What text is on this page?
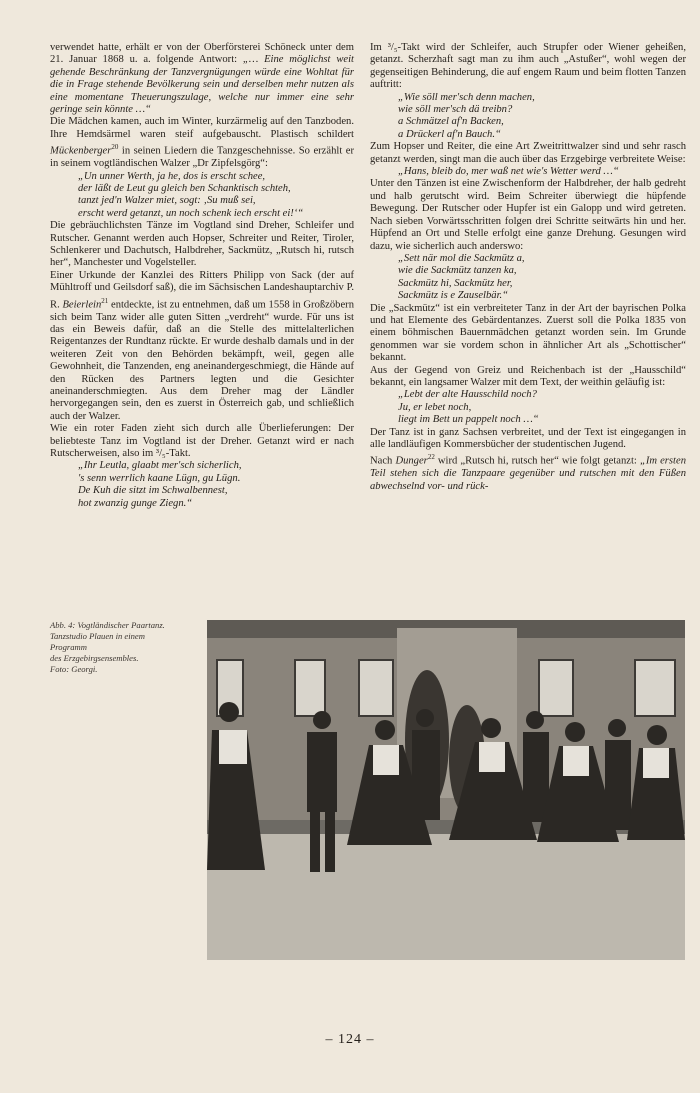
verwendet hatte, erhält er von der Oberförsterei Schöneck unter dem 21. Januar 1868 u. a. folgende Antwort: „… Eine möglichst weit gehende Beschränkung der Tanzvergnügungen würde eine Wohltat für die in Frage stehende Bevölkerung sein und derselben mehr nutzen als eine momentane Theuerungszulage, welche nur immer eine sehr geringe sein könnte …“

Die Mädchen kamen, auch im Winter, kurzärmelig auf den Tanzboden. Ihre Hemdsärmel waren steif aufgebauscht. Plastisch schildert Mückenberger$^{20}$ in seinen Liedern die Tanzgeschehnisse. So erzählt er in seinem vogtländischen Walzer „Dr Zipfelsgörg“:

„Un unner Werth, ja he, dos is erscht schee,
der läßt de Leut gu gleich ben Schanktisch schteh,
tanzt jed'n Walzer miet, sogt: ‚Su muß sei,
erscht werd getanzt, un noch schenk iech erscht ei!‘“

Die gebräuchlichsten Tänze im Vogtland sind Dreher, Schleifer und Rutscher. Genannt werden auch Hopser, Schreiter und Reiter, Tiroler, Schlenkerer und Dachutsch, Halbdreher, Sackmütz, „Rutsch hi, rutsch her“, Manchester und Vogelsteller.

Einer Urkunde der Kanzlei des Ritters Philipp von Sack (der auf Mühltroff und Geilsdorf saß), die im Sächsischen Landeshauptarchiv P. R. Beierlein$^{21}$ entdeckte, ist zu entnehmen, daß um 1558 in Großzöbern sich beim Tanz wider alle guten Sitten „verdreht“ wurde. Für uns ist das ein Beweis dafür, daß an die Stelle des mittelalterlichen Reigentanzes der Rundtanz rückte. Er wurde deshalb damals und in der weiteren Zeit von den Behörden bekämpft, weil, gegen alle Gewohnheit, die Tanzenden, eng aneinandergeschmiegt, die Hände auf den Rücken des Partners legten und die Gesichter aneinanderschmiegten. Aus dem Dreher mag der Ländler hervorgegangen sein, den es zuerst in Österreich gab, und schließlich auch der Walzer.

Wie ein roter Faden zieht sich durch alle Überlieferungen: Der beliebteste Tanz im Vogtland ist der Dreher. Getanzt wird er nach Rutscherweisen, also im ³/₅-Takt.

„Ihr Leutla, glaabt mer'sch sicherlich,
's senn werrlich kaane Lügn, gu Lügn.
De Kuh die sitzt im Schwalbennest,
hot zwanzig gunge Ziegn.“

Im ³/₅-Takt wird der Schleifer, auch Strupfer oder Wiener geheißen, getanzt. Scherzhaft sagt man zu ihm auch „Astußer“, wohl wegen der gegenseitigen Behinderung, die auf engem Raum und beim flotten Tanzen auftritt:

„Wie söll mer'sch denn machen,
wie söll mer'sch dä treibn?
a Schmätzel af'n Backen,
a Drückerl af'n Bauch.“

Zum Hopser und Reiter, die eine Art Zweitrittwalzer sind und sehr rasch getanzt werden, singt man die auch über das Erzgebirge verbreitete Weise:

„Hans, bleib do, mer waß net wie's Wetter werd …“

Unter den Tänzen ist eine Zwischenform der Halbdreher, der halb gedreht und halb gerutscht wird. Beim Schreiter überwiegt die hüpfende Bewegung. Der Rutscher oder Hupfer ist ein Galopp und wird getreten. Nach sieben Vorwärtsschritten folgen drei Schritte seitwärts hin und her. Hüpfend an Ort und Stelle erfolgt eine ganze Drehung. Gesungen wird dazu, wie sicherlich auch anderswo:

„Sett när mol die Sackmütz a,
wie die Sackmütz tanzen ka,
Sackmütz hi, Sackmütz her,
Sackmütz is e Zauselbär.“

Die „Sackmütz“ ist ein verbreiteter Tanz in der Art der bayrischen Polka und hat Elemente des Gebärdentanzes. Zuerst soll die Polka 1835 von einem böhmischen Bauernmädchen getanzt worden sein. Im Grunde genommen war sie vordem schon in ähnlicher Art als „Schottischer“ bekannt.

Aus der Gegend von Greiz und Reichenbach ist der „Hausschild“ bekannt, ein langsamer Walzer mit dem Text, der weithin geläufig ist:

„Lebt der alte Hausschild noch?
Ju, er lebet noch,
liegt im Bett un pappelt noch …“

Der Tanz ist in ganz Sachsen verbreitet, und der Text ist eingegangen in alle landläufigen Kommersbücher der studentischen Jugend.

Nach Dunger$^{22}$ wird „Rutsch hi, rutsch her“ wie folgt getanzt: „Im ersten Teil stehen sich die Tanzpaare gegenüber und rutschen mit den Füßen abwechselnd vor- und rück-

Abb. 4: Vogtländischer Paartanz.
Tanzstudio Plauen in einem
Programm
des Erzgebirgsensembles.
Foto: Georgi.
– 124 –
